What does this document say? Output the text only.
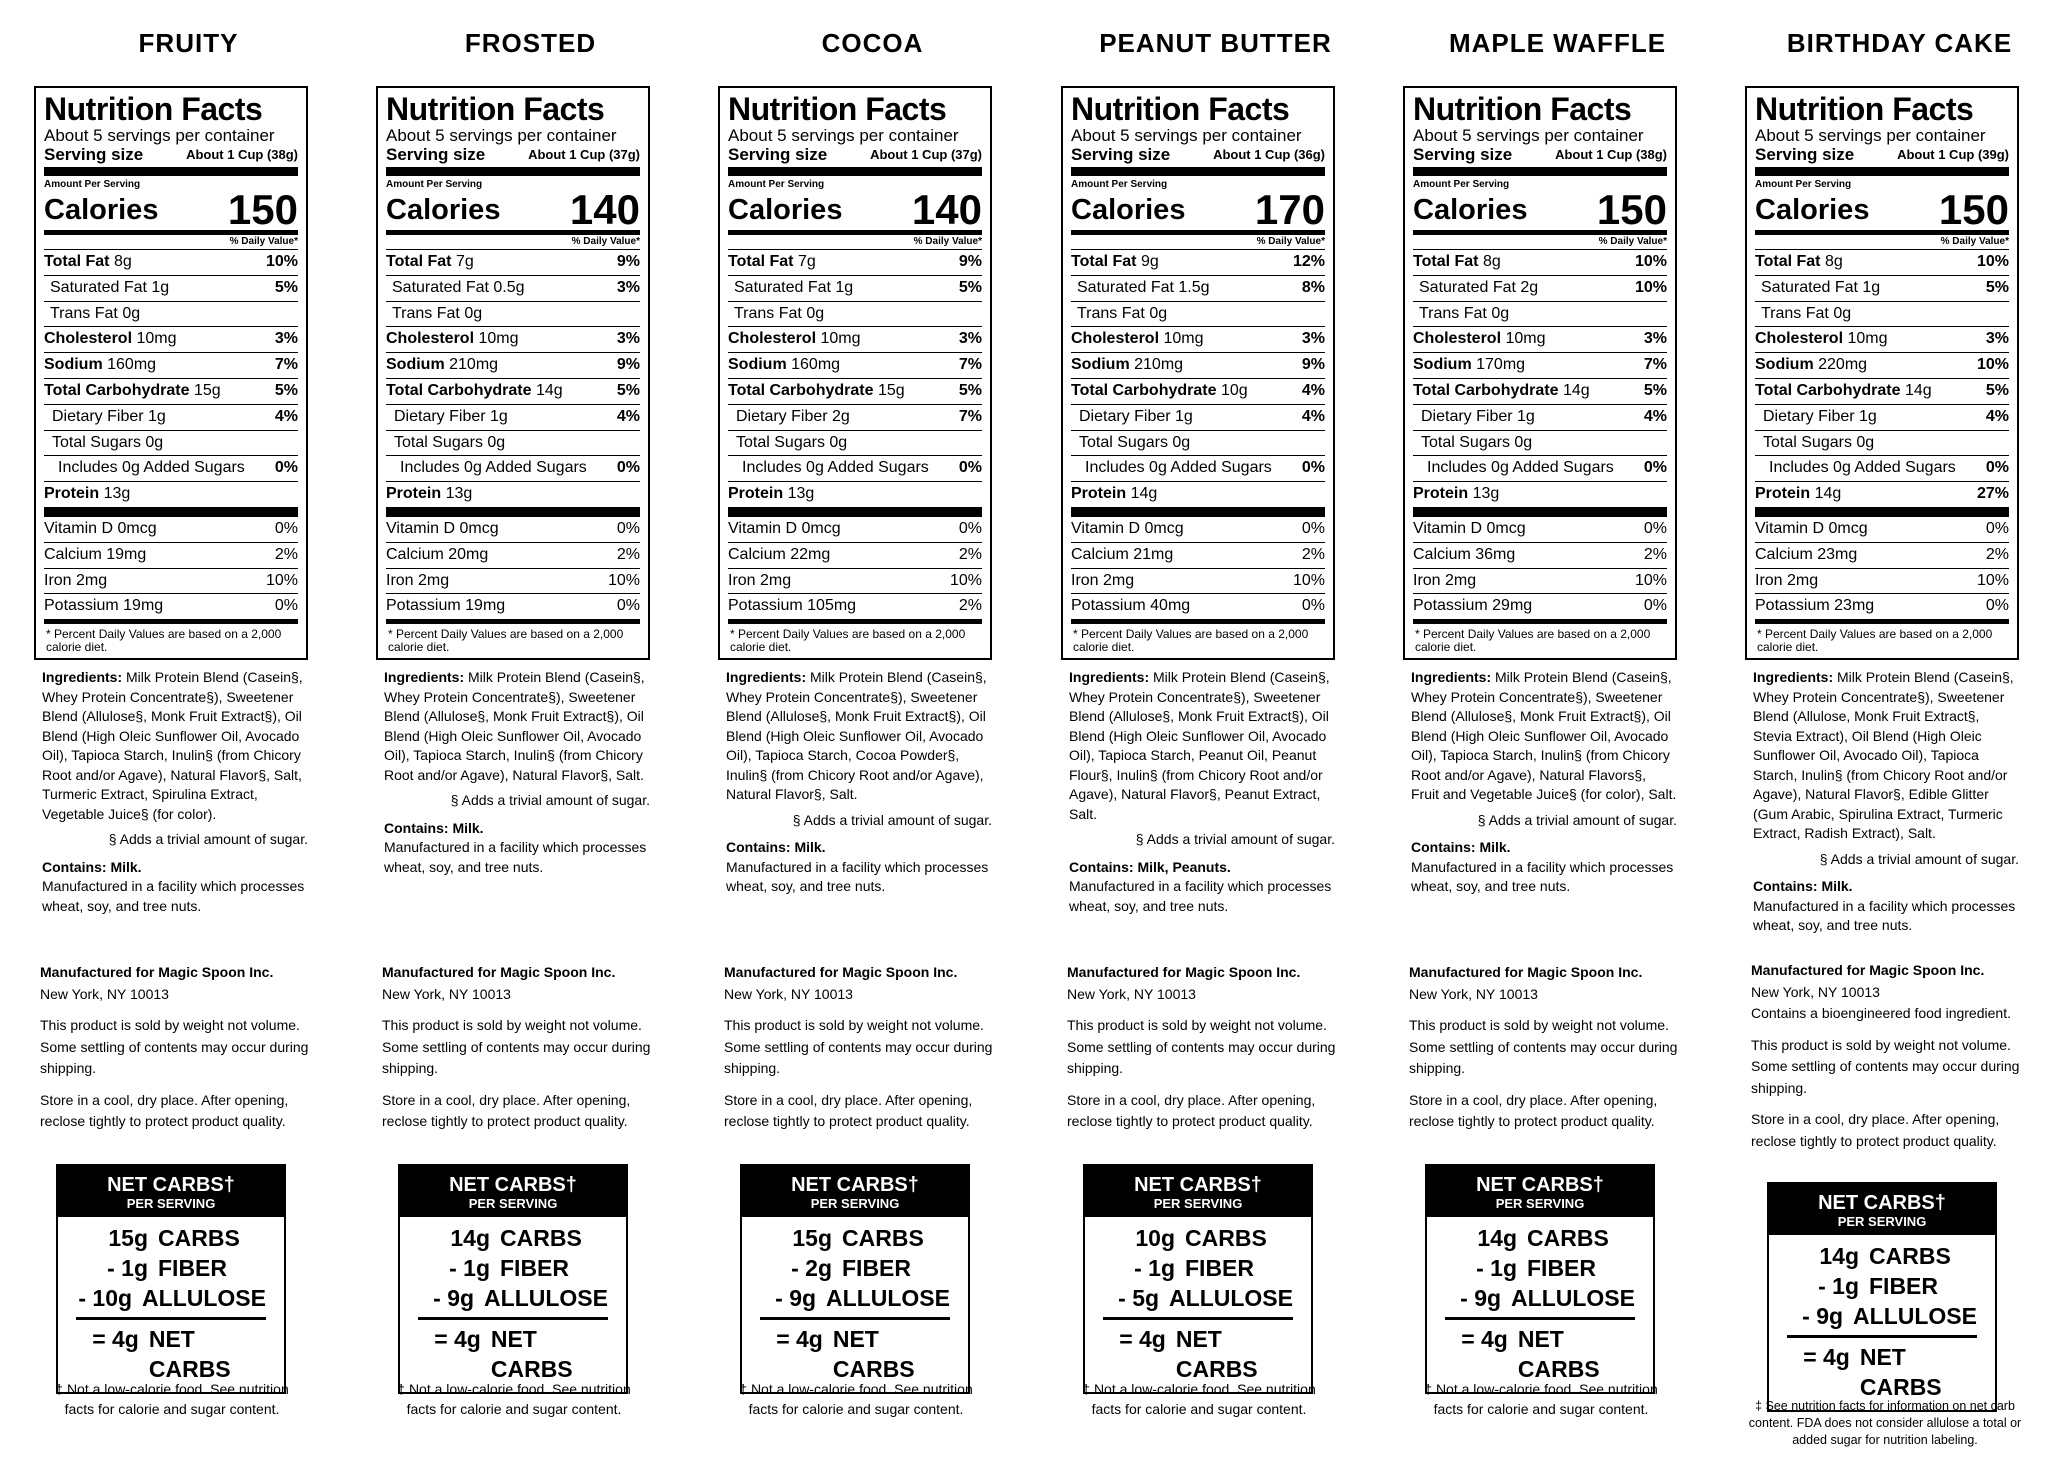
FRUITY
Nutrition Facts
About 5 servings per container
Serving size	About 1 Cup (38g)
Amount Per Serving
Calories 150
% Daily Value*
Total Fat 8g	10%
Saturated Fat 1g	5%
Trans Fat 0g
Cholesterol 10mg	3%
Sodium 160mg	7%
Total Carbohydrate 15g	5%
Dietary Fiber 1g	4%
Total Sugars 0g
Includes 0g Added Sugars 0%
Protein 13g
Vitamin D 0mcg	0%
Calcium 19mg	2%
Iron 2mg	10%
Potassium 19mg	0%
* Percent Daily Values are based on a 2,000 calorie diet.
Ingredients: Milk Protein Blend (Casein§, Whey Protein Concentrate§), Sweetener Blend (Allulose§, Monk Fruit Extract§), Oil Blend (High Oleic Sunflower Oil, Avocado Oil), Tapioca Starch, Inulin§ (from Chicory Root and/or Agave), Natural Flavor§, Salt, Turmeric Extract, Spirulina Extract, Vegetable Juice§ (for color).
§ Adds a trivial amount of sugar.
Contains: Milk.
Manufactured in a facility which processes wheat, soy, and tree nuts.

Manufactured for Magic Spoon Inc.
New York, NY 10013

This product is sold by weight not volume. Some settling of contents may occur during shipping.

Store in a cool, dry place. After opening, reclose tightly to protect product quality.

NET CARBS†
PER SERVING
15g CARBS
- 1g FIBER
- 10g ALLULOSE
= 4g NET CARBS
† Not a low-calorie food. See nutrition facts for calorie and sugar content.
FROSTED
Nutrition Facts
About 5 servings per container
Serving size	About 1 Cup (37g)
Amount Per Serving
Calories 140
% Daily Value*
Total Fat 7g	9%
Saturated Fat 0.5g	3%
Trans Fat 0g
Cholesterol 10mg	3%
Sodium 210mg	9%
Total Carbohydrate 14g	5%
Dietary Fiber 1g	4%
Total Sugars 0g
Includes 0g Added Sugars 0%
Protein 13g
Vitamin D 0mcg	0%
Calcium 20mg	2%
Iron 2mg	10%
Potassium 19mg	0%
* Percent Daily Values are based on a 2,000 calorie diet.
Ingredients: Milk Protein Blend (Casein§, Whey Protein Concentrate§), Sweetener Blend (Allulose§, Monk Fruit Extract§), Oil Blend (High Oleic Sunflower Oil, Avocado Oil), Tapioca Starch, Inulin§ (from Chicory Root and/or Agave), Natural Flavor§, Salt.
§ Adds a trivial amount of sugar.
Contains: Milk.
Manufactured in a facility which processes wheat, soy, and tree nuts.

Manufactured for Magic Spoon Inc.
New York, NY 10013

This product is sold by weight not volume. Some settling of contents may occur during shipping.

Store in a cool, dry place. After opening, reclose tightly to protect product quality.

NET CARBS†
PER SERVING
14g CARBS
- 1g FIBER
- 9g ALLULOSE
= 4g NET CARBS
† Not a low-calorie food. See nutrition facts for calorie and sugar content.
COCOA
Nutrition Facts
About 5 servings per container
Serving size	About 1 Cup (37g)
Amount Per Serving
Calories 140
% Daily Value*
Total Fat 7g	9%
Saturated Fat 1g	5%
Trans Fat 0g
Cholesterol 10mg	3%
Sodium 160mg	7%
Total Carbohydrate 15g	5%
Dietary Fiber 2g	7%
Total Sugars 0g
Includes 0g Added Sugars 0%
Protein 13g
Vitamin D 0mcg	0%
Calcium 22mg	2%
Iron 2mg	10%
Potassium 105mg	2%
* Percent Daily Values are based on a 2,000 calorie diet.
Ingredients: Milk Protein Blend (Casein§, Whey Protein Concentrate§), Sweetener Blend (Allulose§, Monk Fruit Extract§), Oil Blend (High Oleic Sunflower Oil, Avocado Oil), Tapioca Starch, Cocoa Powder§, Inulin§ (from Chicory Root and/or Agave), Natural Flavor§, Salt.
§ Adds a trivial amount of sugar.
Contains: Milk.
Manufactured in a facility which processes wheat, soy, and tree nuts.

Manufactured for Magic Spoon Inc.
New York, NY 10013

This product is sold by weight not volume. Some settling of contents may occur during shipping.

Store in a cool, dry place. After opening, reclose tightly to protect product quality.

NET CARBS†
PER SERVING
15g CARBS
- 2g FIBER
- 9g ALLULOSE
= 4g NET CARBS
† Not a low-calorie food. See nutrition facts for calorie and sugar content.
PEANUT BUTTER
Nutrition Facts
About 5 servings per container
Serving size	About 1 Cup (36g)
Amount Per Serving
Calories 170
% Daily Value*
Total Fat 9g	12%
Saturated Fat 1.5g	8%
Trans Fat 0g
Cholesterol 10mg	3%
Sodium 210mg	9%
Total Carbohydrate 10g	4%
Dietary Fiber 1g	4%
Total Sugars 0g
Includes 0g Added Sugars 0%
Protein 14g
Vitamin D 0mcg	0%
Calcium 21mg	2%
Iron 2mg	10%
Potassium 40mg	0%
* Percent Daily Values are based on a 2,000 calorie diet.
Ingredients: Milk Protein Blend (Casein§, Whey Protein Concentrate§), Sweetener Blend (Allulose§, Monk Fruit Extract§), Oil Blend (High Oleic Sunflower Oil, Avocado Oil), Tapioca Starch, Peanut Oil, Peanut Flour§, Inulin§ (from Chicory Root and/or Agave), Natural Flavor§, Peanut Extract, Salt.
§ Adds a trivial amount of sugar.
Contains: Milk, Peanuts.
Manufactured in a facility which processes wheat, soy, and tree nuts.

Manufactured for Magic Spoon Inc.
New York, NY 10013

This product is sold by weight not volume. Some settling of contents may occur during shipping.

Store in a cool, dry place. After opening, reclose tightly to protect product quality.

NET CARBS†
PER SERVING
10g CARBS
- 1g FIBER
- 5g ALLULOSE
= 4g NET CARBS
† Not a low-calorie food. See nutrition facts for calorie and sugar content.
MAPLE WAFFLE
Nutrition Facts
About 5 servings per container
Serving size	About 1 Cup (38g)
Amount Per Serving
Calories 150
% Daily Value*
Total Fat 8g	10%
Saturated Fat 2g	10%
Trans Fat 0g
Cholesterol 10mg	3%
Sodium 170mg	7%
Total Carbohydrate 14g	5%
Dietary Fiber 1g	4%
Total Sugars 0g
Includes 0g Added Sugars 0%
Protein 13g
Vitamin D 0mcg	0%
Calcium 36mg	2%
Iron 2mg	10%
Potassium 29mg	0%
* Percent Daily Values are based on a 2,000 calorie diet.
Ingredients: Milk Protein Blend (Casein§, Whey Protein Concentrate§), Sweetener Blend (Allulose§, Monk Fruit Extract§), Oil Blend (High Oleic Sunflower Oil, Avocado Oil), Tapioca Starch, Inulin§ (from Chicory Root and/or Agave), Natural Flavors§, Fruit and Vegetable Juice§ (for color), Salt.
§ Adds a trivial amount of sugar.
Contains: Milk.
Manufactured in a facility which processes wheat, soy, and tree nuts.

Manufactured for Magic Spoon Inc.
New York, NY 10013

This product is sold by weight not volume. Some settling of contents may occur during shipping.

Store in a cool, dry place. After opening, reclose tightly to protect product quality.

NET CARBS†
PER SERVING
14g CARBS
- 1g FIBER
- 9g ALLULOSE
= 4g NET CARBS
† Not a low-calorie food. See nutrition facts for calorie and sugar content.
BIRTHDAY CAKE
Nutrition Facts
About 5 servings per container
Serving size	About 1 Cup (39g)
Amount Per Serving
Calories 150
% Daily Value*
Total Fat 8g	10%
Saturated Fat 1g	5%
Trans Fat 0g
Cholesterol 10mg	3%
Sodium 220mg	10%
Total Carbohydrate 14g	5%
Dietary Fiber 1g	4%
Total Sugars 0g
Includes 0g Added Sugars 0%
Protein 14g	27%
Vitamin D 0mcg	0%
Calcium 23mg	2%
Iron 2mg	10%
Potassium 23mg	0%
* Percent Daily Values are based on a 2,000 calorie diet.
Ingredients: Milk Protein Blend (Casein§, Whey Protein Concentrate§), Sweetener Blend (Allulose, Monk Fruit Extract§, Stevia Extract), Oil Blend (High Oleic Sunflower Oil, Avocado Oil), Tapioca Starch, Inulin§ (from Chicory Root and/or Agave), Natural Flavor§, Edible Glitter (Gum Arabic, Spirulina Extract, Turmeric Extract, Radish Extract), Salt.
§ Adds a trivial amount of sugar.
Contains: Milk.
Manufactured in a facility which processes wheat, soy, and tree nuts.

Manufactured for Magic Spoon Inc.
New York, NY 10013
Contains a bioengineered food ingredient.

This product is sold by weight not volume. Some settling of contents may occur during shipping.

Store in a cool, dry place. After opening, reclose tightly to protect product quality.

NET CARBS†
PER SERVING
14g CARBS
- 1g FIBER
- 9g ALLULOSE
= 4g NET CARBS
‡ See nutrition facts for information on net carb content. FDA does not consider allulose a total or added sugar for nutrition labeling.
